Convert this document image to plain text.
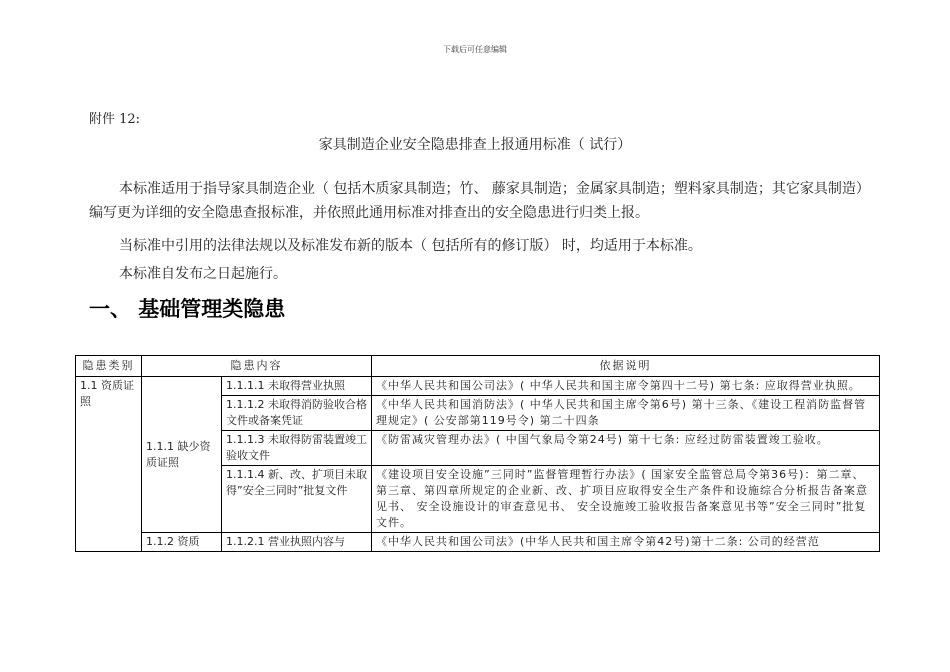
下载后可任意编辑
附件 12:
家具制造企业安全隐患排查上报通用标准（ 试行）
本标准适用于指导家具制造企业（ 包括木质家具制造；竹、 藤家具制造；金属家具制造；塑料家具制造；其它家具制造）编写更为详细的安全隐患查报标准，并依照此通用标准对排查出的安全隐患进行归类上报。
当标准中引用的法律法规以及标准发布新的版本（ 包括所有的修订版） 时，均适用于本标准。
本标准自发布之日起施行。
一、 基础管理类隐患
隐患类别	隐患内容		依据说明
1.1 资质证照	1.1.1 缺少资质证照	1.1.1.1 未取得营业执照	《中华人民共和国公司法》( 中华人民共和国主席令第四十二号) 第七条: 应取得营业执照。
		1.1.1.2 未取得消防验收合格文件或备案凭证	《中华人民共和国消防法》( 中华人民共和国主席令第6号) 第十三条、《建设工程消防监督管理规定》( 公安部第119号令) 第二十四条
		1.1.1.3 未取得防雷装置竣工验收文件	《防雷减灾管理办法》( 中国气象局令第24号) 第十七条: 应经过防雷装置竣工验收。
		1.1.1.4 新、改、扩项目未取得”安全三同时”批复文件	《建设项目安全设施”三同时”监督管理暂行办法》( 国家安全监管总局令第36号)：第二章、第三章、第四章所规定的企业新、改、扩项目应取得安全生产条件和设施综合分析报告备案意见书、 安全设施设计的审查意见书、 安全设施竣工验收报告备案意见书等”安全三同时”批复文件。

	1.1.2 资质	1.1.2.1 营业执照内容与	《中华人民共和国公司法》(中华人民共和国主席令第42号)第十二条: 公司的经营范
